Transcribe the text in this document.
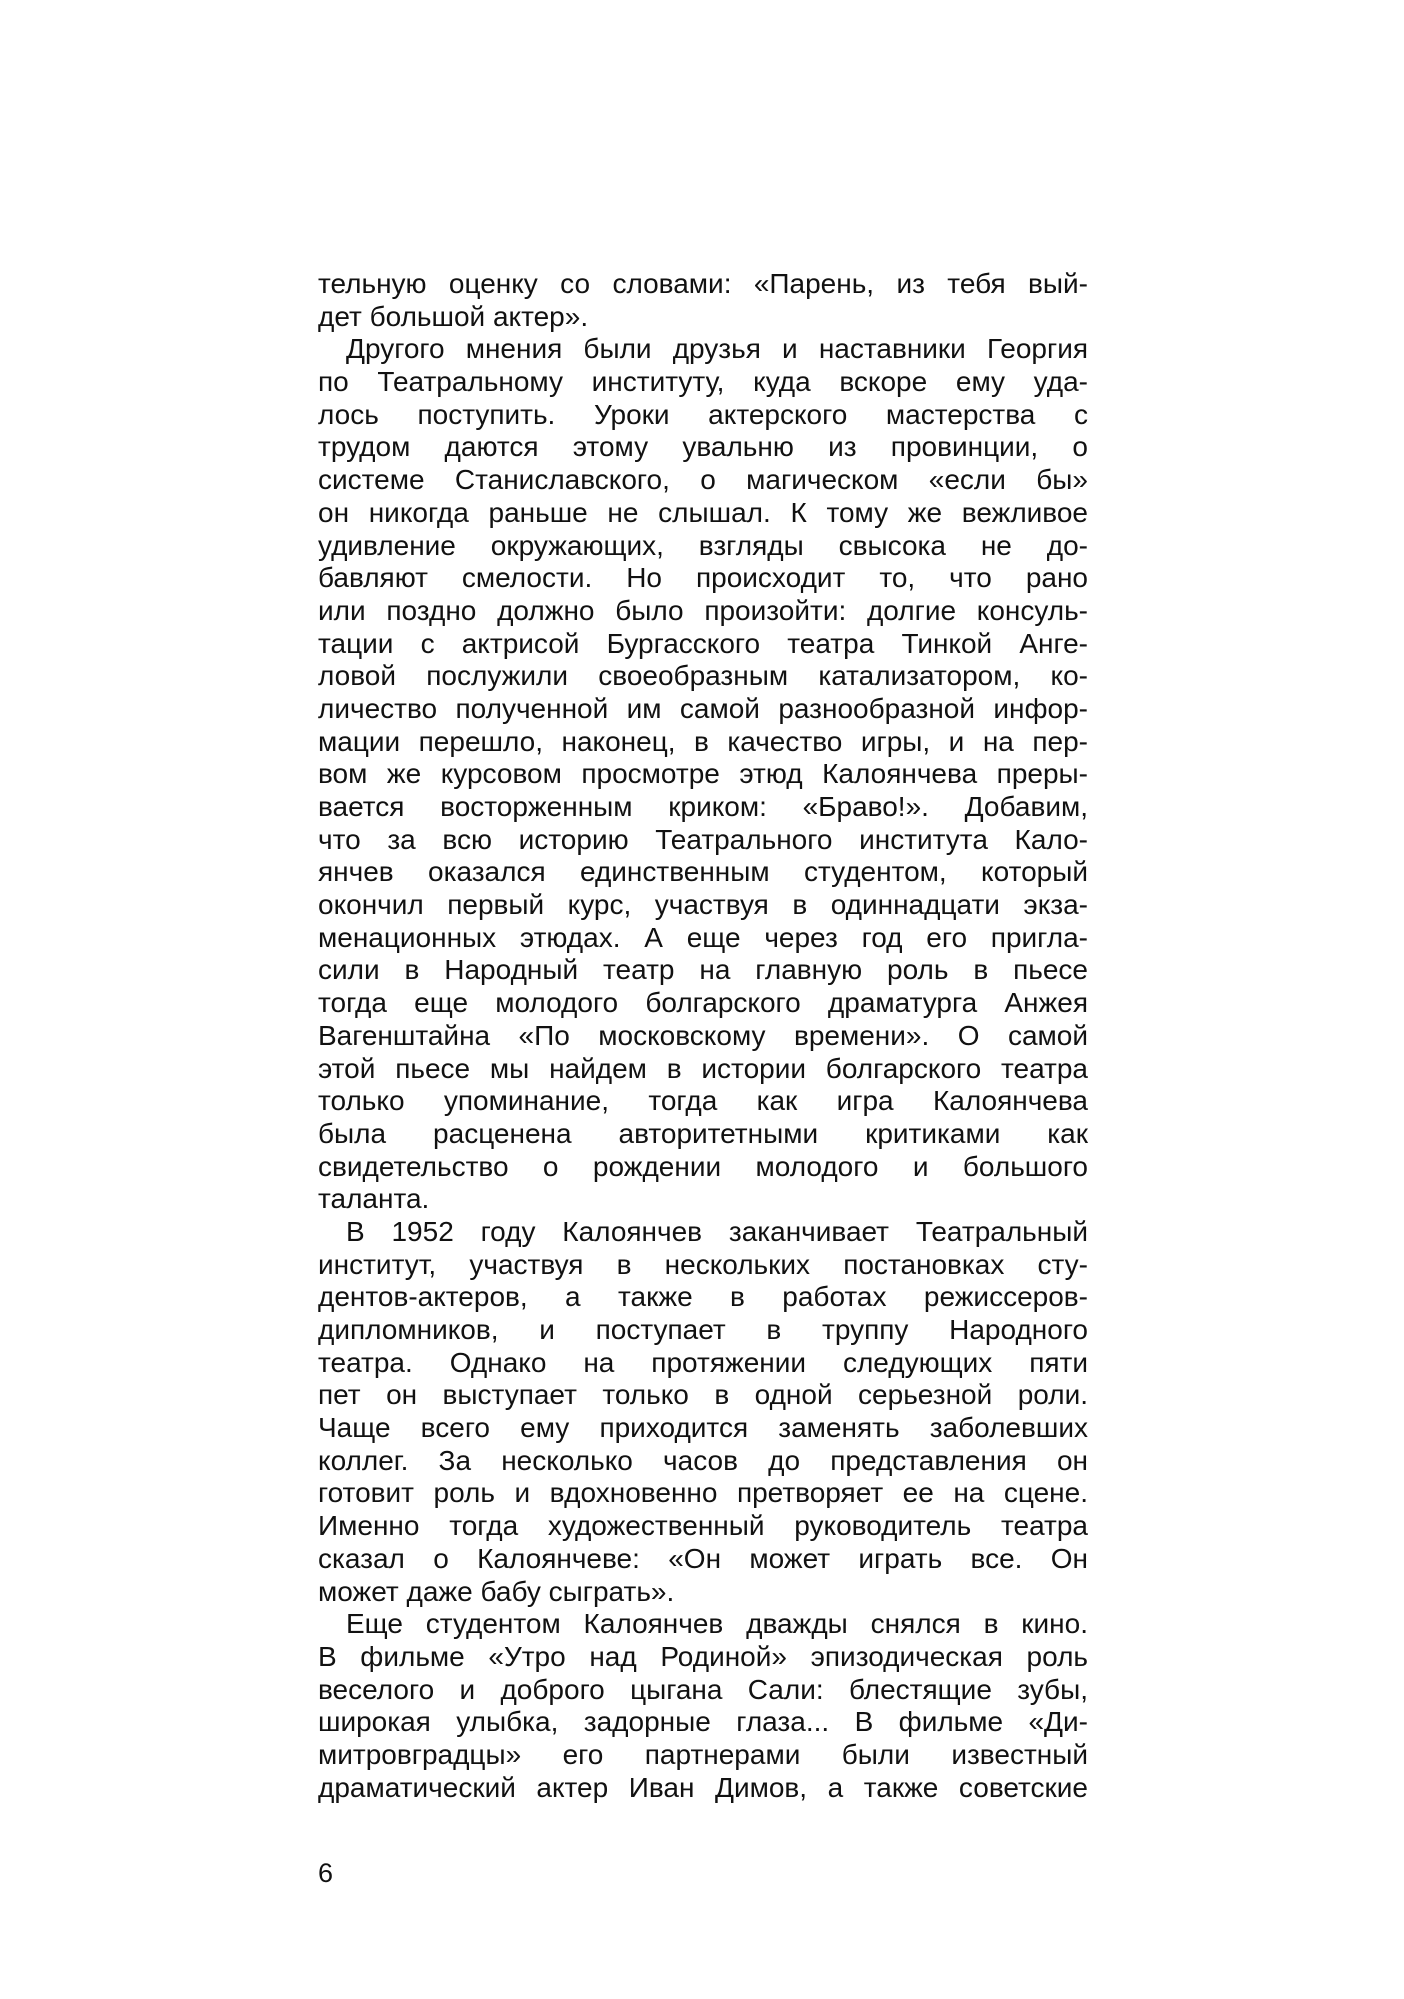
тельную оценку со словами: «Парень, из тебя вый-
дет большой актер».
Другого мнения были друзья и наставники Георгия
по Театральному институту, куда вскоре ему уда-
лось поступить. Уроки актерского мастерства с
трудом даются этому увальню из провинции, о
системе Станиславского, о магическом «если бы»
он никогда раньше не слышал. К тому же вежливое
удивление окружающих, взгляды свысока не до-
бавляют смелости. Но происходит то, что рано
или поздно должно было произойти: долгие консуль-
тации с актрисой Бургасского театра Тинкой Анге-
ловой послужили своеобразным катализатором, ко-
личество полученной им самой разнообразной инфор-
мации перешло, наконец, в качество игры, и на пер-
вом же курсовом просмотре этюд Калоянчева преры-
вается восторженным криком: «Браво!». Добавим,
что за всю историю Театрального института Кало-
янчев оказался единственным студентом, который
окончил первый курс, участвуя в одиннадцати экза-
менационных этюдах. А еще через год его пригла-
сили в Народный театр на главную роль в пьесе
тогда еще молодого болгарского драматурга Анжея
Вагенштайна «По московскому времени». О самой
этой пьесе мы найдем в истории болгарского театра
только упоминание, тогда как игра Калоянчева
была расценена авторитетными критиками как
свидетельство о рождении молодого и большого
таланта.
В 1952 году Калоянчев заканчивает Театральный
институт, участвуя в нескольких постановках сту-
дентов-актеров, а также в работах режиссеров-
дипломников, и поступает в труппу Народного
театра. Однако на протяжении следующих пяти
пет он выступает только в одной серьезной роли.
Чаще всего ему приходится заменять заболевших
коллег. За несколько часов до представления он
готовит роль и вдохновенно претворяет ее на сцене.
Именно тогда художественный руководитель театра
сказал о Калоянчеве: «Он может играть все. Он
может даже бабу сыграть».
Еще студентом Калоянчев дважды снялся в кино.
В фильме «Утро над Родиной» эпизодическая роль
веселого и доброго цыгана Сали: блестящие зубы,
широкая улыбка, задорные глаза... В фильме «Ди-
митровградцы» его партнерами были известный
драматический актер Иван Димов, а также советские
6
